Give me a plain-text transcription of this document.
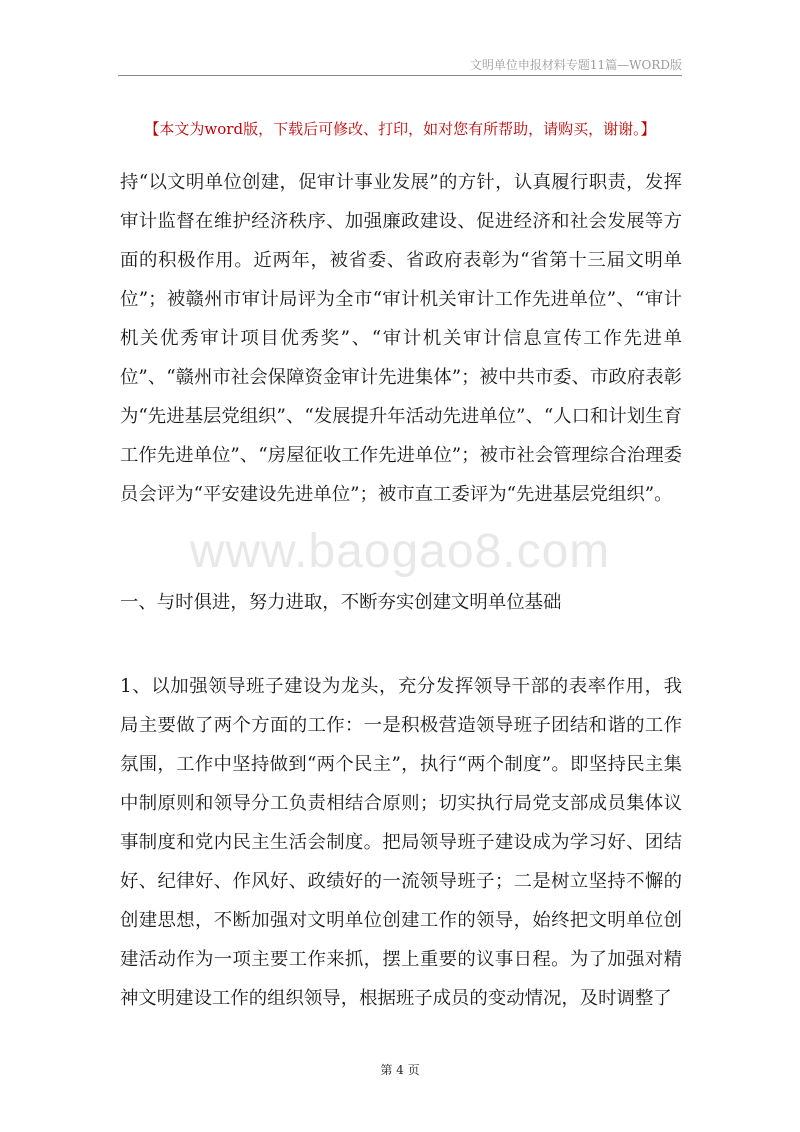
文明单位申报材料专题11篇—WORD版
【本文为word版，下载后可修改、打印，如对您有所帮助，请购买，谢谢。】

持“以文明单位创建，促审计事业发展”的方针，认真履行职责，发挥审计监督在维护经济秩序、加强廉政建设、促进经济和社会发展等方面的积极作用。近两年，被省委、省政府表彰为“省第十三届文明单位”；被赣州市审计局评为全市“审计机关审计工作先进单位”、“审计机关优秀审计项目优秀奖”、“审计机关审计信息宣传工作先进单位”、“赣州市社会保障资金审计先进集体”；被中共市委、市政府表彰为“先进基层党组织”、“发展提升年活动先进单位”、“人口和计划生育工作先进单位”、“房屋征收工作先进单位”；被市社会管理综合治理委员会评为“平安建设先进单位”；被市直工委评为“先进基层党组织”。

www.baogao8.com

一、与时俱进，努力进取，不断夯实创建文明单位基础

1、以加强领导班子建设为龙头，充分发挥领导干部的表率作用，我局主要做了两个方面的工作：一是积极营造领导班子团结和谐的工作氛围，工作中坚持做到“两个民主”，执行“两个制度”。即坚持民主集中制原则和领导分工负责相结合原则；切实执行局党支部成员集体议事制度和党内民主生活会制度。把局领导班子建设成为学习好、团结好、纪律好、作风好、政绩好的一流领导班子；二是树立坚持不懈的创建思想，不断加强对文明单位创建工作的领导，始终把文明单位创建活动作为一项主要工作来抓，摆上重要的议事日程。为了加强对精神文明建设工作的组织领导，根据班子成员的变动情况，及时调整了

第 4 页
